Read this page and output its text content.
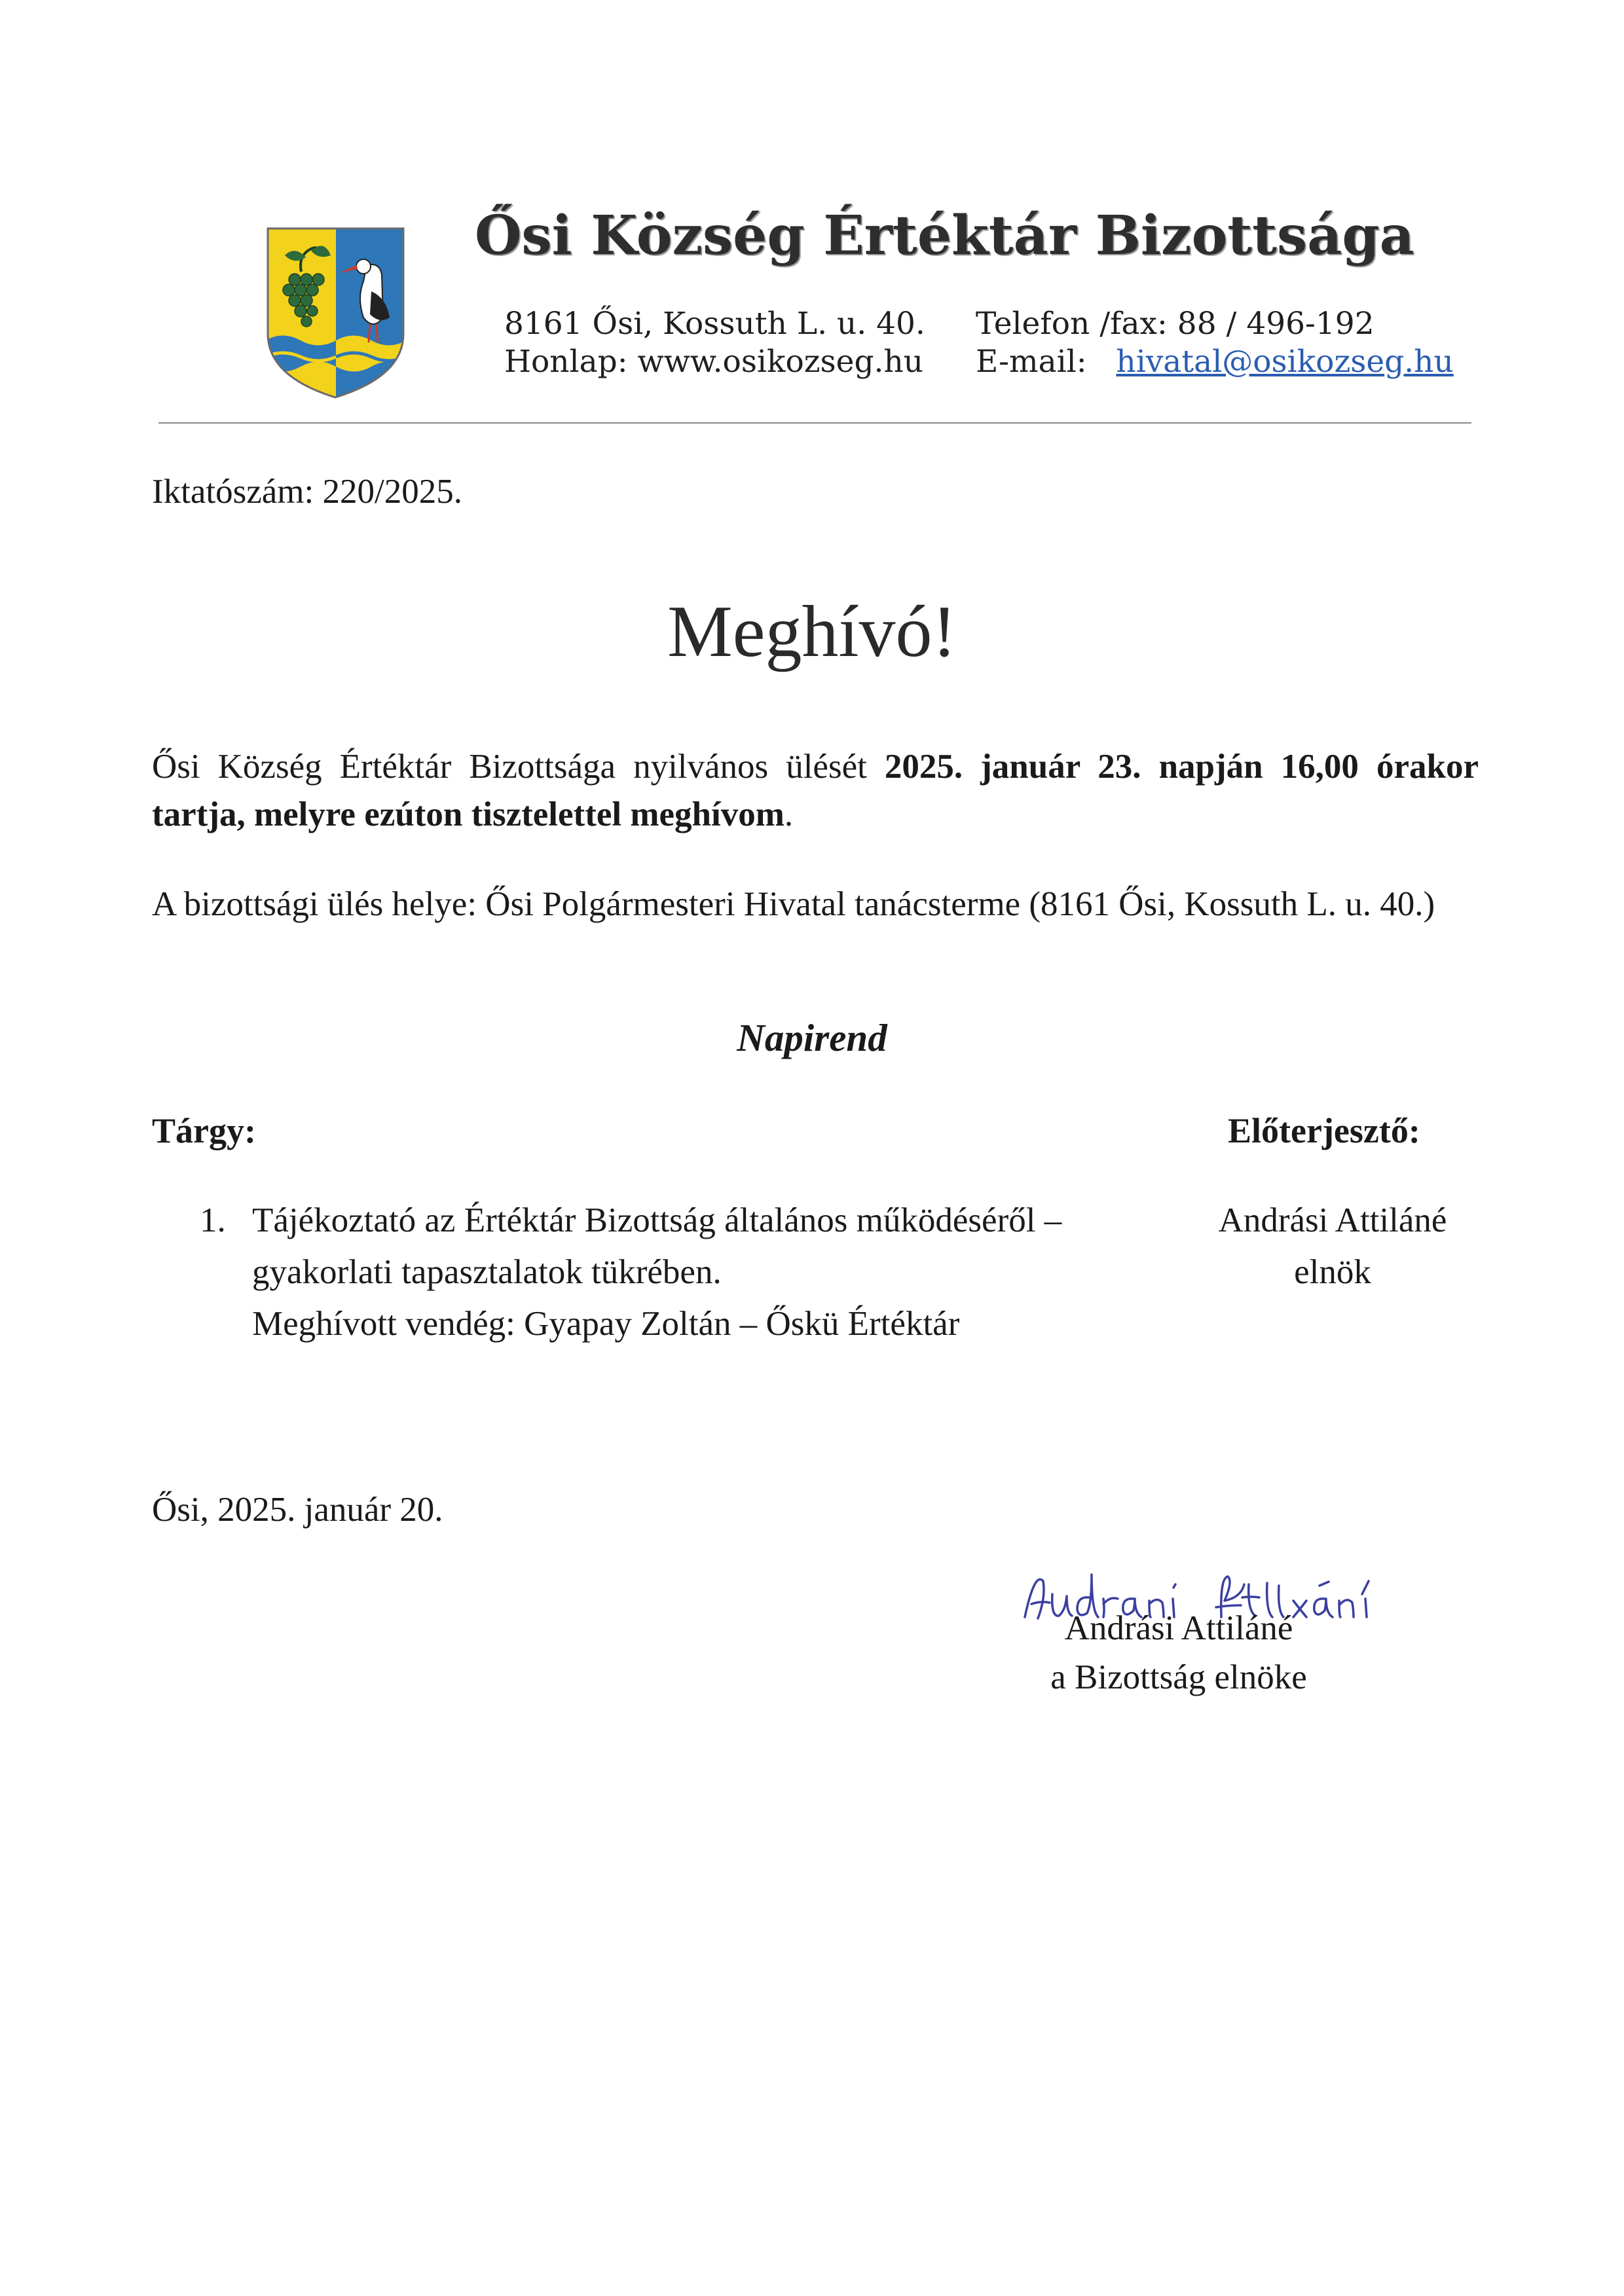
Ősi Község Értéktár Bizottsága
8161 Ősi, Kossuth L. u. 40.
Honlap: www.osikozseg.hu
Telefon /fax: 88 / 496-192
E-mail: hivatal@osikozseg.hu
Iktatószám: 220/2025.
Meghívó!
Ősi Község Értéktár Bizottsága nyilvános ülését 2025. január 23. napján 16,00 órakor tartja, melyre ezúton tisztelettel meghívom.
A bizottsági ülés helye: Ősi Polgármesteri Hivatal tanácsterme (8161 Ősi, Kossuth L. u. 40.)
Napirend
Tárgy:	Előterjesztő:
1. Tájékoztató az Értéktár Bizottság általános működéséről –
gyakorlati tapasztalatok tükrében.
Meghívott vendég: Gyapay Zoltán – Őskü Értéktár
Andrási Attiláné
elnök
Ősi, 2025. január 20.
Andrási Attiláné
a Bizottság elnöke
